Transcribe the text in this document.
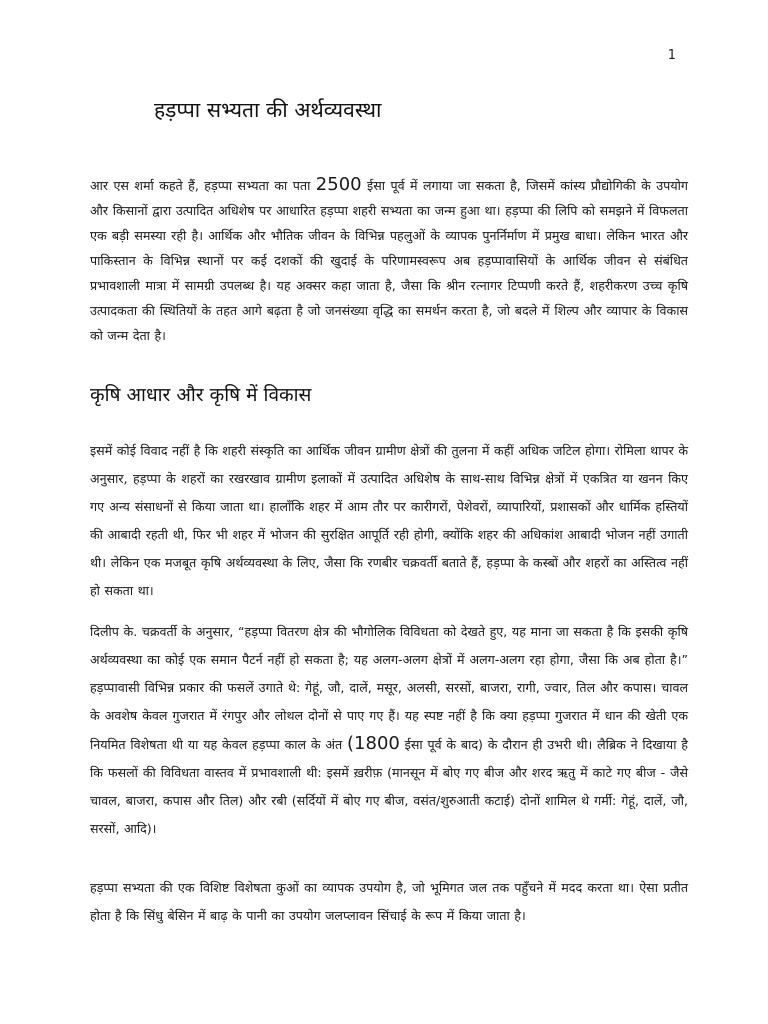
1
हड़प्पा सभ्यता की अर्थव्यवस्था

आर एस शर्मा कहते हैं, हड़प्पा सभ्यता का पता 2500 ईसा पूर्व में लगाया जा सकता है, जिसमें कांस्य प्रौद्योगिकी के उपयोग और किसानों द्वारा उत्पादित अधिशेष पर आधारित हड़प्पा शहरी सभ्यता का जन्म हुआ था। हड़प्पा की लिपि को समझने में विफलता एक बड़ी समस्या रही है। आर्थिक और भौतिक जीवन के विभिन्न पहलुओं के व्यापक पुनर्निर्माण में प्रमुख बाधा। लेकिन भारत और पाकिस्तान के विभिन्न स्थानों पर कई दशकों की खुदाई के परिणामस्वरूप अब हड़प्पावासियों के आर्थिक जीवन से संबंधित प्रभावशाली मात्रा में सामग्री उपलब्ध है। यह अक्सर कहा जाता है, जैसा कि श्रीन रत्नागर टिप्पणी करते हैं, शहरीकरण उच्च कृषि उत्पादकता की स्थितियों के तहत आगे बढ़ता है जो जनसंख्या वृद्धि का समर्थन करता है, जो बदले में शिल्प और व्यापार के विकास को जन्म देता है।

कृषि आधार और कृषि में विकास

इसमें कोई विवाद नहीं है कि शहरी संस्कृति का आर्थिक जीवन ग्रामीण क्षेत्रों की तुलना में कहीं अधिक जटिल होगा। रोमिला थापर के अनुसार, हड़प्पा के शहरों का रखरखाव ग्रामीण इलाकों में उत्पादित अधिशेष के साथ-साथ विभिन्न क्षेत्रों में एकत्रित या खनन किए गए अन्य संसाधनों से किया जाता था। हालाँकि शहर में आम तौर पर कारीगरों, पेशेवरों, व्यापारियों, प्रशासकों और धार्मिक हस्तियों की आबादी रहती थी, फिर भी शहर में भोजन की सुरक्षित आपूर्ति रही होगी, क्योंकि शहर की अधिकांश आबादी भोजन नहीं उगाती थी। लेकिन एक मजबूत कृषि अर्थव्यवस्था के लिए, जैसा कि रणबीर चक्रवर्ती बताते हैं, हड़प्पा के कस्बों और शहरों का अस्तित्व नहीं हो सकता था।

दिलीप के. चक्रवर्ती के अनुसार, “हड़प्पा वितरण क्षेत्र की भौगोलिक विविधता को देखते हुए, यह माना जा सकता है कि इसकी कृषि अर्थव्यवस्था का कोई एक समान पैटर्न नहीं हो सकता है; यह अलग-अलग क्षेत्रों में अलग-अलग रहा होगा, जैसा कि अब होता है।” हड़प्पावासी विभिन्न प्रकार की फसलें उगाते थे: गेहूं, जौ, दालें, मसूर, अलसी, सरसों, बाजरा, रागी, ज्वार, तिल और कपास। चावल के अवशेष केवल गुजरात में रंगपुर और लोथल दोनों से पाए गए हैं। यह स्पष्ट नहीं है कि क्या हड़प्पा गुजरात में धान की खेती एक नियमित विशेषता थी या यह केवल हड़प्पा काल के अंत (1800 ईसा पूर्व के बाद) के दौरान ही उभरी थी। लैब्रिक ने दिखाया है कि फसलों की विविधता वास्तव में प्रभावशाली थी: इसमें ख़रीफ़ (मानसून में बोए गए बीज और शरद ऋतु में काटे गए बीज - जैसे चावल, बाजरा, कपास और तिल) और रबी (सर्दियों में बोए गए बीज, वसंत/शुरुआती कटाई) दोनों शामिल थे गर्मी: गेहूं, दालें, जौ, सरसों, आदि)।

हड़प्पा सभ्यता की एक विशिष्ट विशेषता कुओं का व्यापक उपयोग है, जो भूमिगत जल तक पहुँचने में मदद करता था। ऐसा प्रतीत होता है कि सिंधु बेसिन में बाढ़ के पानी का उपयोग जलप्लावन सिंचाई के रूप में किया जाता है।
